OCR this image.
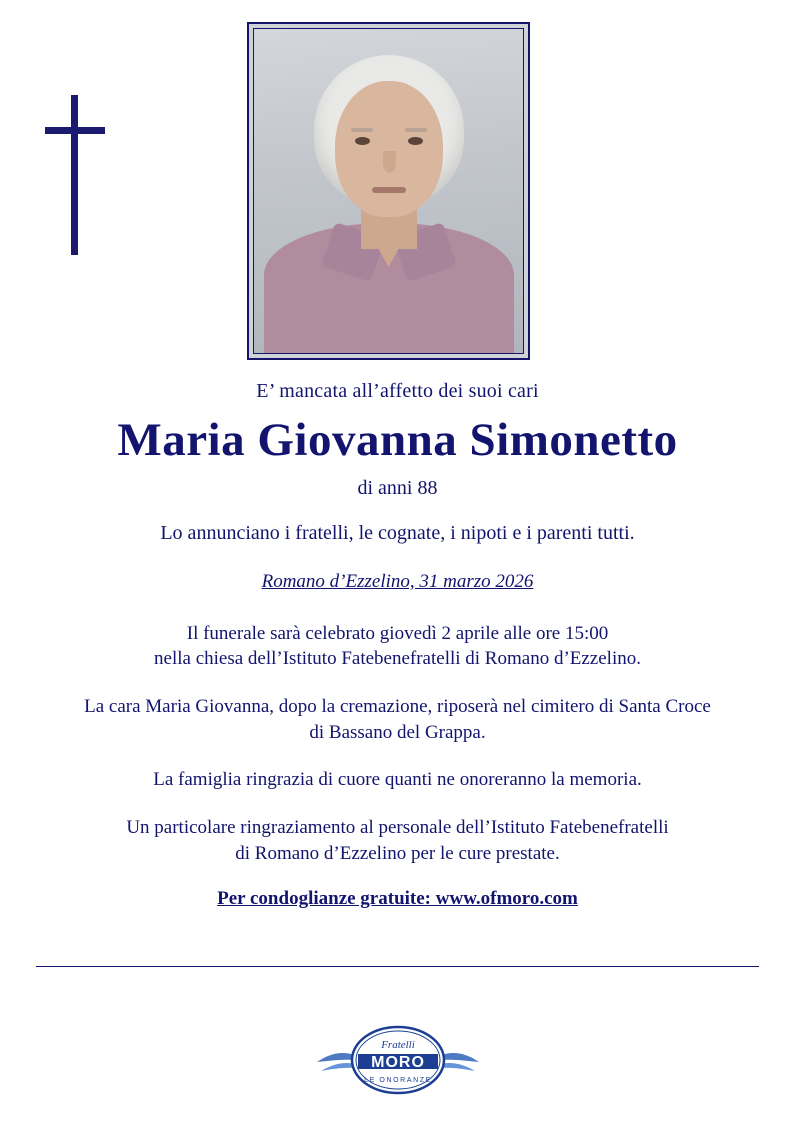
E’ mancata all’affetto dei suoi cari

Maria Giovanna Simonetto

di anni 88

Lo annunciano i fratelli, le cognate, i nipoti e i parenti tutti.

Romano d’Ezzelino, 31 marzo 2026

Il funerale sarà celebrato giovedì 2 aprile alle ore 15:00
nella chiesa dell’Istituto Fatebenefratelli di Romano d’Ezzelino.

La cara Maria Giovanna, dopo la cremazione, riposerà nel cimitero di Santa Croce
di Bassano del Grappa.

La famiglia ringrazia di cuore quanti ne onoreranno la memoria.

Un particolare ringraziamento al personale dell’Istituto Fatebenefratelli
di Romano d’Ezzelino per le cure prestate.

Per condoglianze gratuite: www.ofmoro.com

Fratelli
MORO
LE ONORANZE
